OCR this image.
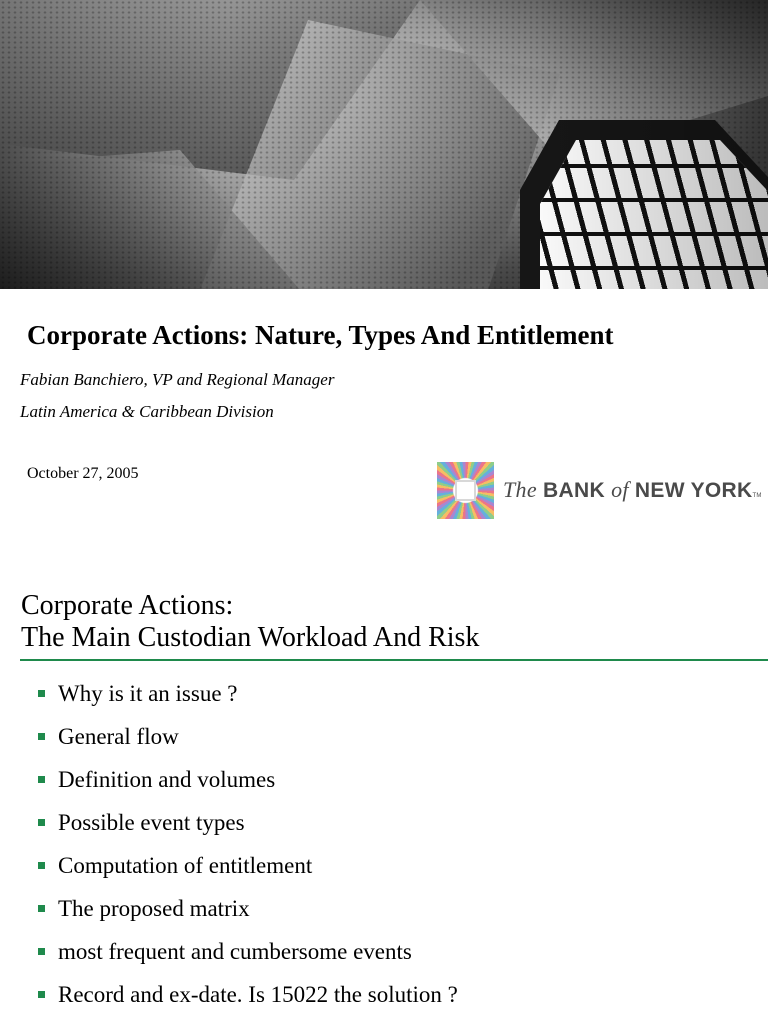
Corporate Actions: Nature, Types And Entitlement
Fabian Banchiero, VP and Regional Manager
Latin America & Caribbean Division
October 27, 2005
The BANK of NEW YORKTM
Corporate Actions:
The Main Custodian Workload And Risk
Why is it an issue ?
General flow
Definition and volumes
Possible event types
Computation of entitlement
The proposed matrix
most frequent and cumbersome events
Record and ex-date. Is 15022 the solution ?
